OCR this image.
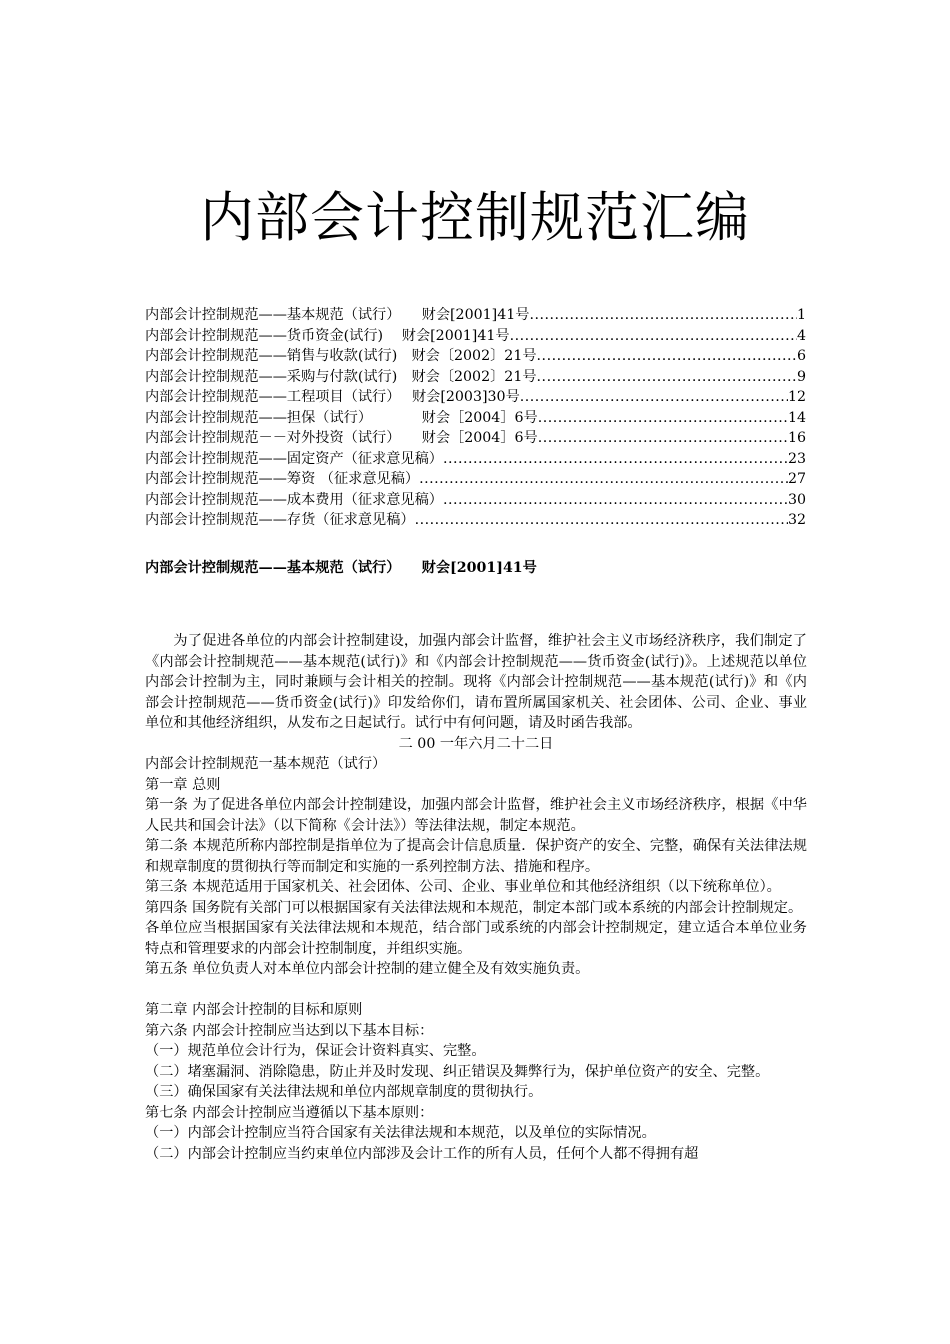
内部会计控制规范汇编
内部会计控制规范——基本规范（试行）　　财会[2001]41号 .....	1
内部会计控制规范——货币资金(试行)　 财会[2001]41号 .....	4
内部会计控制规范——销售与收款(试行)　财会〔2002〕21号 .....	6
内部会计控制规范——采购与付款(试行)　财会〔2002〕21号 .....	9
内部会计控制规范——工程项目（试行）　 财会[2003]30号 .....	12
内部会计控制规范——担保（试行）　　　　财会［2004］6号 .....	14
内部会计控制规范－－对外投资（试行）　　财会［2004］6号 .....	16
内部会计控制规范——固定资产（征求意见稿） .....	23
内部会计控制规范——筹资 （征求意见稿） .....	27
内部会计控制规范——成本费用（征求意见稿） .....	30
内部会计控制规范——存货（征求意见稿） .....	32
内部会计控制规范——基本规范（试行）　　财会[2001]41号

为了促进各单位的内部会计控制建设，加强内部会计监督，维护社会主义市场经济秩序，我们制定了《内部会计控制规范——基本规范(试行)》和《内部会计控制规范——货币资金(试行)》。上述规范以单位内部会计控制为主，同时兼顾与会计相关的控制。现将《内部会计控制规范——基本规范(试行)》和《内部会计控制规范——货币资金(试行)》印发给你们，请布置所属国家机关、社会团体、公司、企业、事业单位和其他经济组织，从发布之日起试行。试行中有何问题，请及时函告我部。

二 00 一年六月二十二日

内部会计控制规范一基本规范（试行）

第一章 总则

第一条 为了促进各单位内部会计控制建设，加强内部会计监督，维护社会主义市场经济秩序，根据《中华人民共和国会计法》（以下简称《会计法》）等法律法规，制定本规范。

第二条 本规范所称内部控制是指单位为了提高会计信息质量．保护资产的安全、完整，确保有关法律法规和规章制度的贯彻执行等而制定和实施的一系列控制方法、措施和程序。

第三条 本规范适用于国家机关、社会团体、公司、企业、事业单位和其他经济组织（以下统称单位）。

第四条 国务院有关部门可以根据国家有关法律法规和本规范，制定本部门或本系统的内部会计控制规定。

各单位应当根据国家有关法律法规和本规范，结合部门或系统的内部会计控制规定，建立适合本单位业务特点和管理要求的内部会计控制制度，并组织实施。

第五条 单位负责人对本单位内部会计控制的建立健全及有效实施负责。

第二章 内部会计控制的目标和原则

第六条 内部会计控制应当达到以下基本目标：

（一）规范单位会计行为，保证会计资料真实、完整。

（二）堵塞漏洞、消除隐患，防止并及时发现、纠正错误及舞弊行为，保护单位资产的安全、完整。

（三）确保国家有关法律法规和单位内部规章制度的贯彻执行。

第七条 内部会计控制应当遵循以下基本原则：

（一）内部会计控制应当符合国家有关法律法规和本规范，以及单位的实际情况。

（二）内部会计控制应当约束单位内部涉及会计工作的所有人员，任何个人都不得拥有超
